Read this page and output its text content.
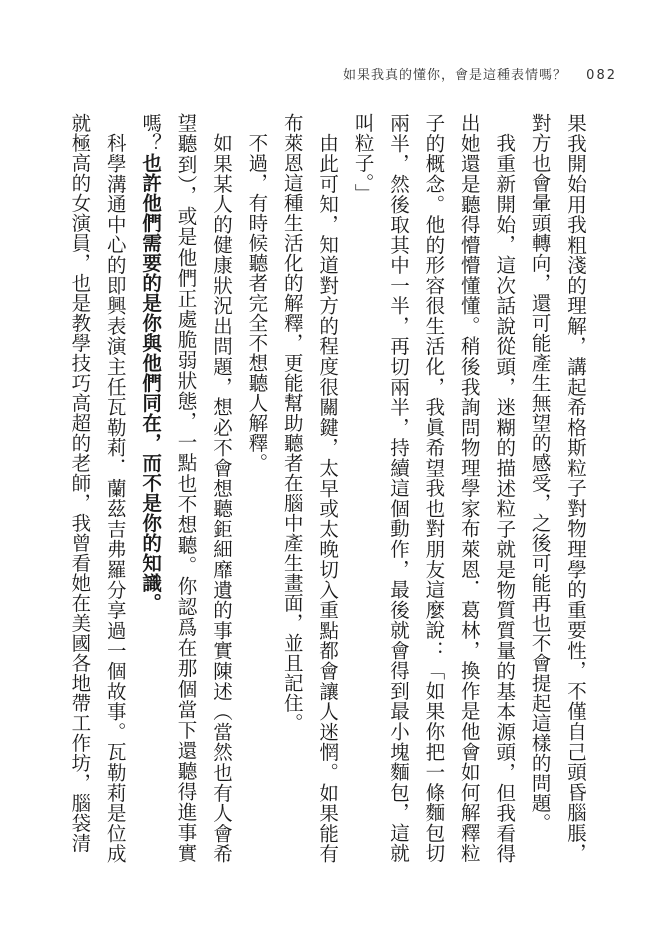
如果我真的懂你，會是這種表情嗎？ 082

果我開始用我粗淺的理解，講起希格斯粒子對物理學的重要性，不僅自己頭昏腦脹，對方也會暈頭轉向，還可能產生無望的感受，之後可能再也不會提起這樣的問題。

我重新開始，這次話說從頭，迷糊的描述粒子就是物質質量的基本源頭，但我看得出她還是聽得懵懵懂懂。稍後我詢問物理學家布萊恩．葛林，換作是他會如何解釋粒子的概念。他的形容很生活化，我眞希望我也對朋友這麼說：「如果你把一條麵包切兩半，然後取其中一半，再切兩半，持續這個動作，最後就會得到最小塊麵包，這就叫粒子。」

由此可知，知道對方的程度很關鍵，太早或太晚切入重點都會讓人迷惘。如果能有布萊恩這種生活化的解釋，更能幫助聽者在腦中產生畫面，並且記住。

不過，有時候聽者完全不想聽人解釋。

如果某人的健康狀況出問題，想必不會想聽鉅細靡遺的事實陳述（當然也有人會希望聽到），或是他們正處脆弱狀態，一點也不想聽。你認爲在那個當下還聽得進事實嗎？也許他們需要的是你與他們同在，而不是你的知識。

科學溝通中心的即興表演主任瓦勒莉．蘭茲吉弗羅分享過一個故事。瓦勒莉是位成就極高的女演員，也是教學技巧高超的老師，我曾看她在美國各地帶工作坊，腦袋清
